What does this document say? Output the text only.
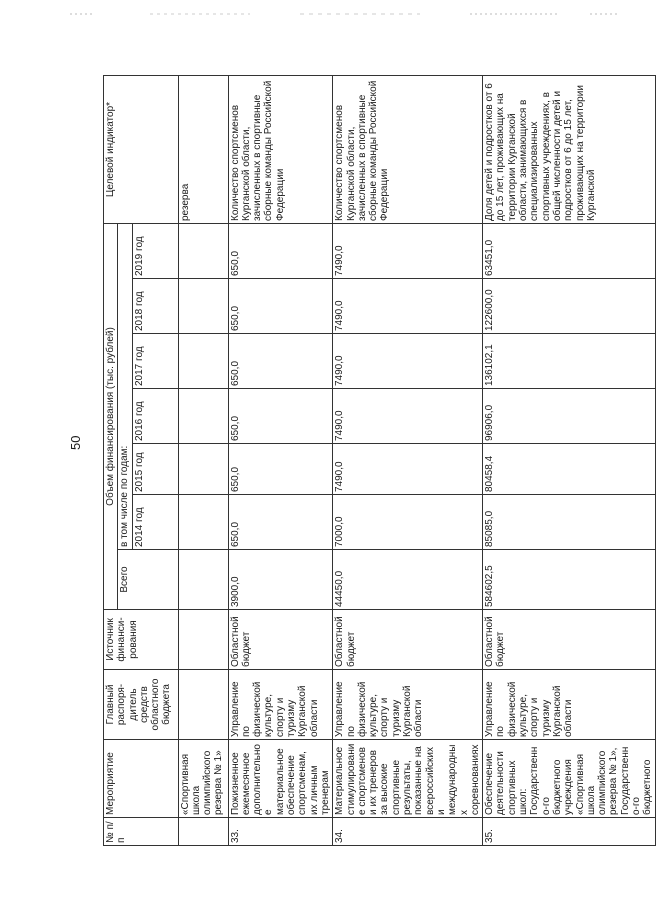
50
№ п/п	Мероприятие	Главный распоря-дитель средств областного бюджета	Источник финанси-рования	Объем финансирования (тыс. рублей)							Целевой индикатор*
				Всего	в том числе по годам:						
					2014 год	2015 год	2016 год	2017 год	2018 год	2019 год	
	«Спортивная школа олимпийского резерва № 1»										резерва
33.	Пожизненное ежемесячное дополнительное материальное обеспечение спортсменам, их личным тренерам	Управление по физической культуре, спорту и туризму Курганской области	Областной бюджет	3900,0	650,0	650,0	650,0	650,0	650,0	650,0	Количество спортсменов Курганской области, зачисленных в спортивные сборные команды Российской Федерации
34.	Материальное стимулирование спортсменов и их тренеров за высокие спортивные результаты, показанные на всероссийских и международных соревнованиях	Управление по физической культуре, спорту и туризму Курганской области	Областной бюджет	44450,0	7000,0	7490,0	7490,0	7490,0	7490,0	7490,0	Количество спортсменов Курганской области, зачисленных в спортивные сборные команды Российской Федерации
35.	Обеспечение деятельности спортивных школ: Государственно-го бюджетного учреждения «Спортивная школа олимпийского резерва № 1», Государственно-го бюджетного	Управление по физической культуре, спорту и туризму Курганской области	Областной бюджет	584602,5	85085,0	80458,4	96906,0	136102,1	122600,0	63451,0	Доля детей и подростков от 6 до 15 лет, проживающих на территории Курганской области, занимающихся в специализированных спортивных учреждениях, в общей численности детей и подростков от 6 до 15 лет, проживающих на территории Курганской
